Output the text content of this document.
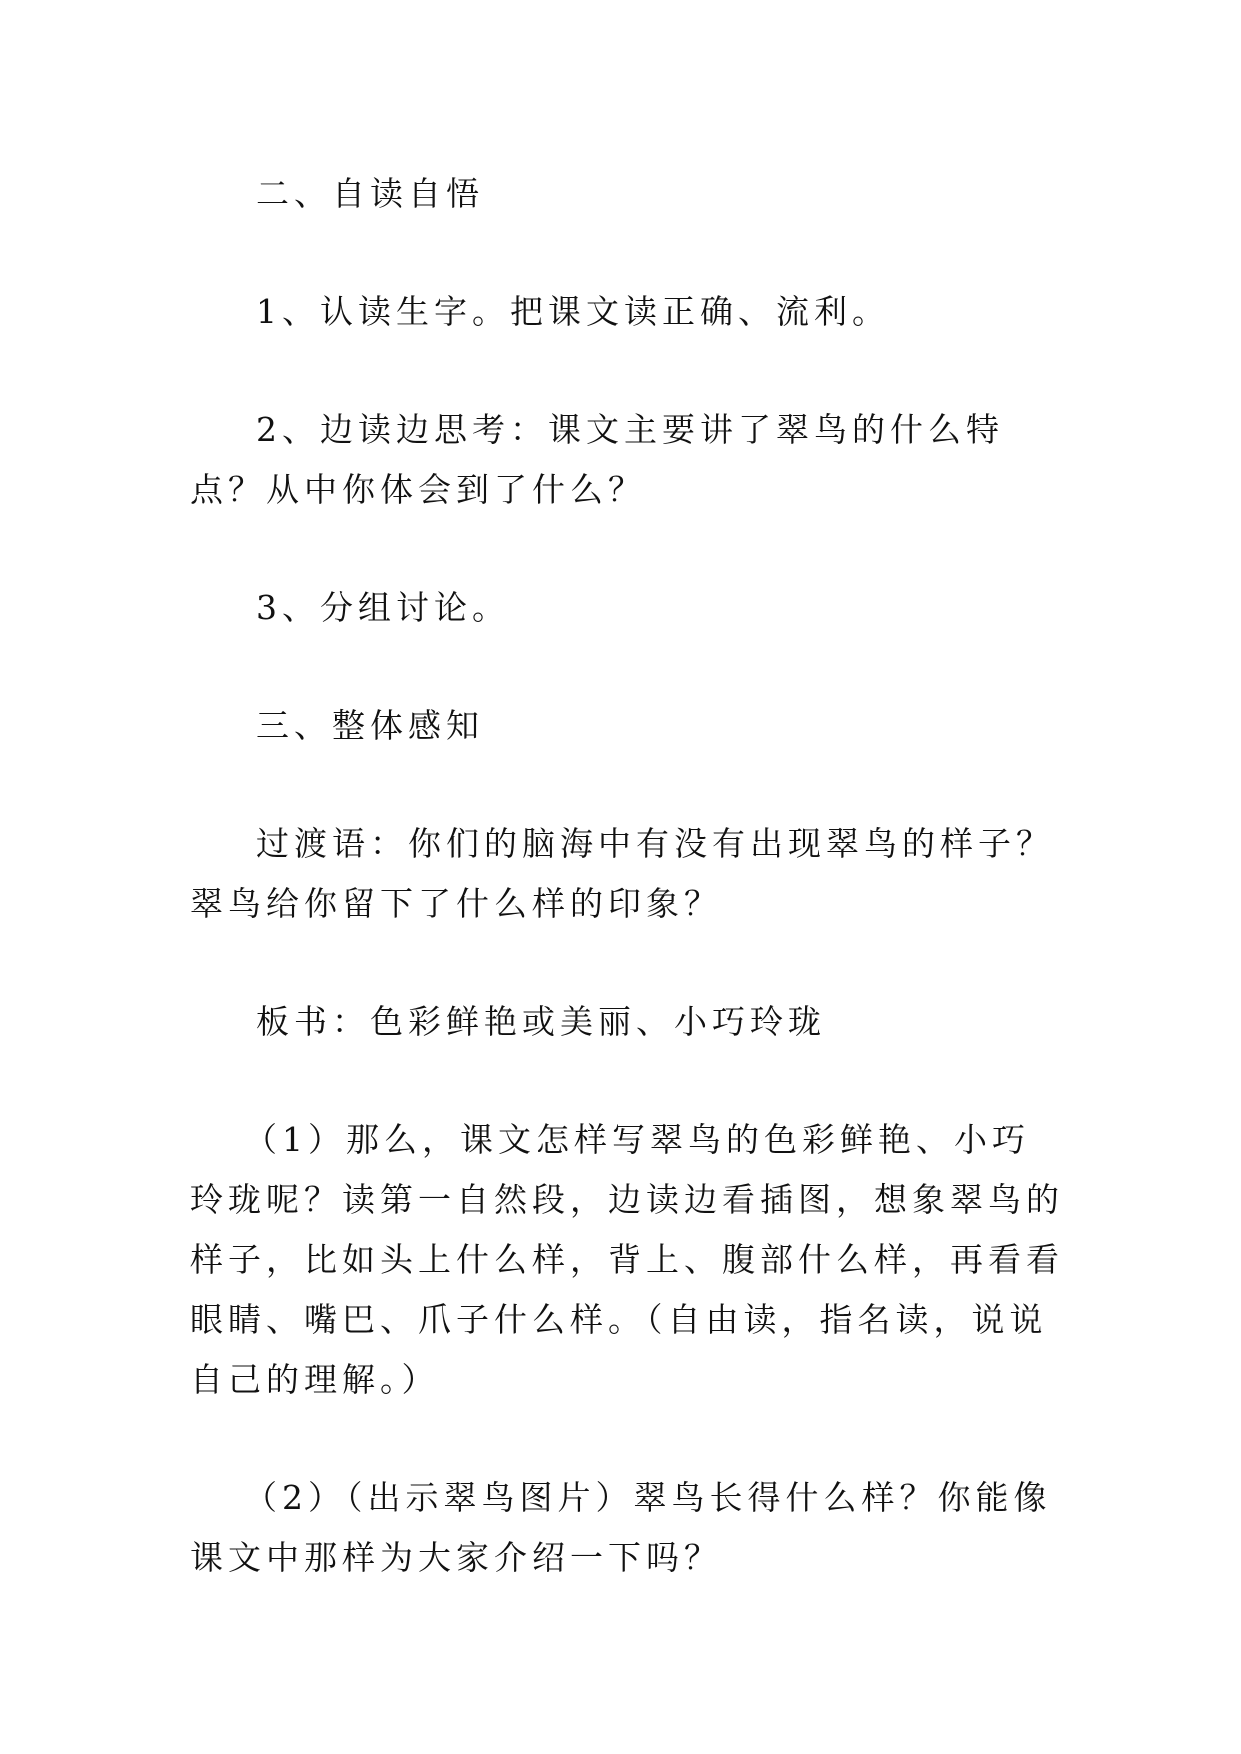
二、自读自悟

1、认读生字。把课文读正确、流利。

2、边读边思考：课文主要讲了翠鸟的什么特点？从中你体会到了什么？

3、分组讨论。

三、整体感知

过渡语：你们的脑海中有没有出现翠鸟的样子？翠鸟给你留下了什么样的印象？

板书：色彩鲜艳或美丽、小巧玲珑

（1）那么，课文怎样写翠鸟的色彩鲜艳、小巧玲珑呢？读第一自然段，边读边看插图，想象翠鸟的样子，比如头上什么样，背上、腹部什么样，再看看眼睛、嘴巴、爪子什么样。（自由读，指名读，说说自己的理解。）

（2）（出示翠鸟图片）翠鸟长得什么样？你能像课文中那样为大家介绍一下吗？
